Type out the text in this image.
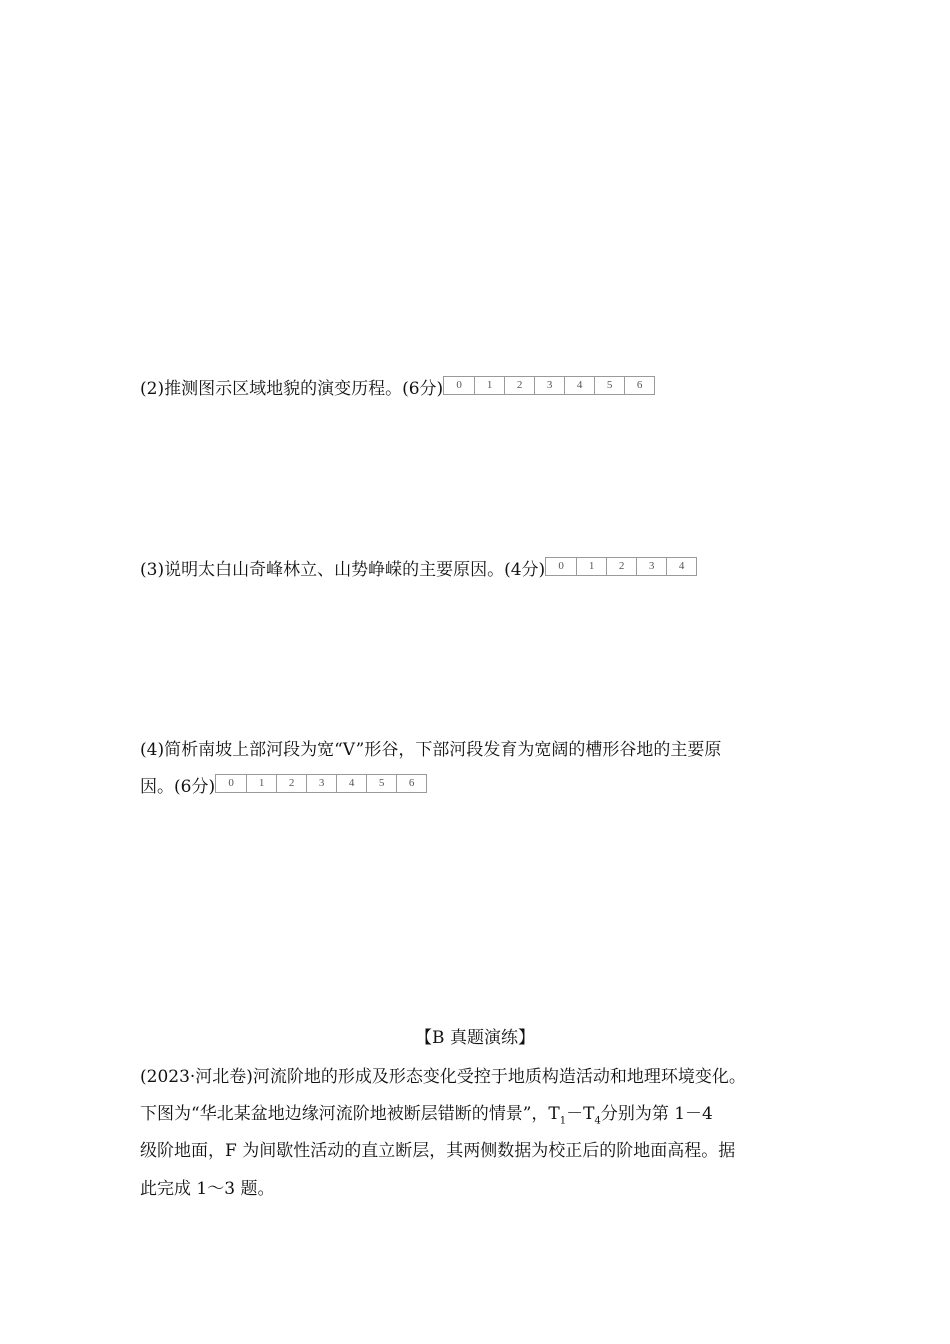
(2)推测图示区域地貌的演变历程。(6分)	0	1	2	3	4	5	6
(3)说明太白山奇峰林立、山势峥嵘的主要原因。(4分)	0	1	2	3	4
(4)简析南坡上部河段为宽“V”形谷，下部河段发育为宽阔的槽形谷地的主要原
因。(6分)	0	1	2	3	4	5	6
【B 真题演练】
(2023·河北卷)河流阶地的形成及形态变化受控于地质构造活动和地理环境变化。
下图为“华北某盆地边缘河流阶地被断层错断的情景”，$T_1-T_4$分别为第 1－4
级阶地面，F 为间歇性活动的直立断层，其两侧数据为校正后的阶地面高程。据
此完成 1～3 题。
